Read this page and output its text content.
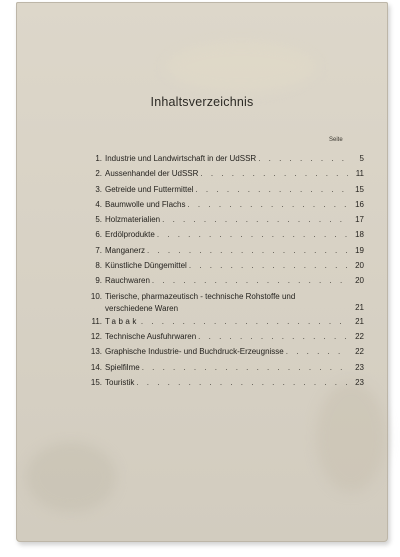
Inhaltsverzeichnis
Seite
1. Industrie und Landwirtschaft in der UdSSR . . .	5
2. Aussenhandel der UdSSR . . .	11
3. Getreide und Futtermittel . . .	15
4. Baumwolle und Flachs . . .	16
5. Holzmaterialien . . .	17
6. Erdölprodukte . . .	18
7. Manganerz . . .	19
8. Künstliche Düngemittel . . .	20
9. Rauchwaren . . .	20
10. Tierische, pharmazeutisch - technische Rohstoffe und verschiedene Waren	21
11. Tabak . . .	21
12. Technische Ausfuhrwaren . . .	22
13. Graphische Industrie- und Buchdruck-Erzeugnisse . . .	22
14. Spielfilme . . .	23
15. Touristik . . .	23
